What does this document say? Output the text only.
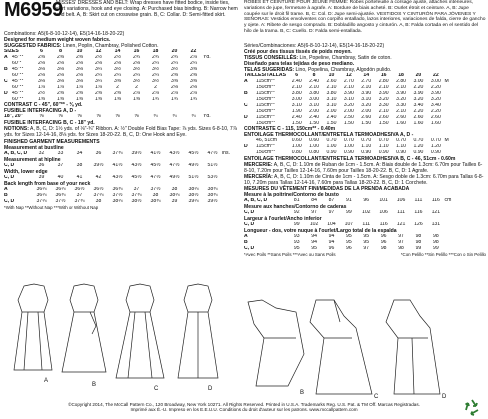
M6959
MISSES' DRESSES AND BELT: Wrap dresses have fitted bodice, inside ties, skirt variations, hook and eye closing. A: Purchased bias binding. B: Narrow hem and belt. A, B: Skirt cut on crosswise grain. B, C: Collar. D: Semi-fitted skirt.
Combinations: A5(6-8-10-12-14), E5(14-16-18-20-22)
Designed for medium weight woven fabrics.
SUGGESTED FABRICS: Linen, Poplin, Chambray, Polished Cotton.
SIZES	6	8	10	12	14	16	18	20	22
A 45"**	2⅜	2⅜	2⅜	2½	2½	2¾	2¾	2¾	2⅞	Yd.
60"*	2⅛	2⅛	2⅛	2⅛	2⅛	2⅛	2¼	2¼	2¼
B 45"**	3⅛	3⅛	3⅛	3¼	3½	3½	3½	3½	3⅝
60"**	2⅛	2⅛	2⅛	2¼	2¼	2¼	2¼	2⅜	2⅜
C 45"**	3⅛	3⅛	3⅛	3¼	3⅜	3½	3½	3⅝	3⅝
60"**	1⅞	1⅞	1⅞	1⅞	2	2	2	2⅛	2⅛
D 45"**	2½	2⅝	2⅝	2⅝	2⅝	2⅞	2⅞	2⅞	2⅞
60"**	1⅝	1⅝	1⅝	1⅝	1⅝	1⅝	1¾	1¾	1¾
CONTRAST C - 45", 60"** - ⅜ yd.
FUSIBLE INTERFACING A, D -
18", 20"	⅝	⅝	⅝	⅝	⅝	⅝	¾	¾	¾	Yd.
FUSIBLE INTERFACING B, C - 18" yd.
NOTIONS: A, B, C, D: 1½ yds. of ⅛"-¾" Ribbon. A: ½" Double Fold Bias Tape: ⅞ yds. Sizes 6-8-10, 7⅞ yds. for Sizes 12-14-16, 8⅛ yds. for Sizes 18-20-22. B, C, D: One Hook and Eye.
FINISHED GARMENT MEASUREMENTS
Measurement at bustline
A, B, C, D	32	33	34	36	37¾	39½	41½	43½	45½	47½ ins.
Measurement at hipline
C, D	36	37	38	39½	41½	43½	45½	47½	49½	51½
Width, lower edge
C, D	39	40	41	42	43½	45½	47½	49½	51½	53½
Back length from base of your neck
A	36¼	36¼	36½	36½	36¾	37	37½	38	38¼	38¾
B	36¼	36¾	37	37¼	37½	37¾	38	38¼	38½	38¾
C, D	37¼	37½	37¾	38	38¼	38½	38¾	39	39¼	39½
*With Nap **Without Nap ***With or Without Nap
A
B
C	D
ROBES ET CEINTURE POUR JEUNE FEMME: Robes portefeuille à corsage ajusté, attaches intérieures, variations de jupe, fermeture à agrafe. A: Bordure de biais acheté. B: Ourlet étroit et ceinture. A, B: Jupe coupée sur le droit fil trame. B, C: Col. D: Jupe semi-ajustée. VESTIDOS Y CINTURÓN PARA JÓVENES Y SEÑORAS: Vestidos envolventes con corpiño entallado, lazos interiores, variaciones de falda, cierre de gancho y ojete. A: Ribete de sesgo comprado. B: Dobladillo angosto y cinturón. A, B: Falda cortada en el sentido del hilo de la trama. B, C: Cuello. D: Falda semi-entallada.
Séries/Combinaciones: A5(6-8-10-12-14), E5(14-16-18-20-22)
Créé pour des tissus tissés de poids moyen.
TISSUS CONSEILLÉS: Lin, Popeline, Chambray, Satin de coton.
Diseñado para telas tejidas de peso mediano.
TELAS SUGERIDAS: Lino, Popelina, Chambray, Algodón pulido.
TAILLES/TALLAS	6	8	10	12	14	16	18	20	22
A	115cm**	2.40	2.40	2.60	2.70	2.70	2.80	2.80	3.00	3.00 M
150cm**	2.10	2.10	2.10	2.10	2.10	2.10	2.10	2.20	2.20
B	115cm**	3.80	3.80	3.80	3.90	3.90	3.90	3.90	3.90	3.90
150cm**	3.00	3.00	3.10	3.10	3.10	3.20	3.20	3.20	3.20
C	115cm**	3.10	3.10	3.10	3.20	3.20	3.30	3.30	3.40	3.40
150cm**	1.90	2.00	2.00	2.00	2.00	2.10	2.10	2.20	2.20
D	115cm**	2.40	2.40	2.40	2.50	2.60	2.60	2.60	2.60	2.60
150cm**	1.50	1.50	1.50	1.50	1.50	1.50	1.60	1.60	1.60
CONTRASTE C - 115, 150cm** - 0.40m
ENTOILAGE THERMOCOLLANT/ENTRETELA TERMOADHESIVA A, D -
46, 51cm	0.60	0.60	0.70	0.70	0.70	0.70	0.70	0.70	0.70 M
D	115cm**	1.00	1.00	1.00	1.00	1.10	1.10	1.10	1.20	1.20
150cm**	0.80	0.80	0.90	0.90	0.90	0.90	0.90	0.90	0.90
ENTOILAGE THERMOCOLLANT/ENTRETELA TERMOADHESIVA B, C - 46, 51cm - 0.60m
MERCERIE: A, B, C, D: 1.10m de Ruban de 1cm - 1.5cm. A: Biais double de 1.3cm: 6.70m pour Tailles 6-8-10, 7.20m pour Tailles 12-14-16, 7.60m pour Tailles 18-20-22. B, C, D: 1 Agrafe.
MERCERÍA: A, B, C, D: 1.10m de Cinta de 1cm - 1.5cm. A: Sesgo doble de 1.3cm: 6.70m para Tallas 6-8-10, 7.20m para Tallas 12-14-16, 7.60m para Tallas 18-20-22. B, C, D: 1 Corchete.
MESURES DU VÊTEMENT FINI/MEDIDAS DE LA PRENDA ACABADA
Mesure à la poitrine/Contorno de busto
A, B, C, D	81	84	87	91	96	101	106	111	116 cm
Mesure aux hanches/Contorno de caderas
C, D	92	97	97	99	102	106	111	116	121
Largeur à l'ourlet/Ancho inferior
C, D	99	102	104	107	111	116	121	126	131
Longueur - dos, votre nuque à l'ourlet/Largo total de la espalda
A	93	94	94	95	95	96	97	98	98
B	93	94	94	95	95	96	97	98	98
C, D	95	95	96	96	97	98	98	99	99
*Avec Poils **Sans Poils ***Avec ou Sans Poils	*Con Pelillo **Sin Pelillo ***Con o Sin Pelillo
B
C	D
©Copyright 2014, The McCall Pattern Co., 120 Broadway, New York 10271. All Rights Reserved. Printed in U.S.A. Trademarks Reg. U.S. Pat. & TM Off. Marcas Registradas.
Imprimé aux É.-U. Impreso en los E.E.U.U. Conditions du droit d'auteur sur les patrons. www.mccallpattern.com
